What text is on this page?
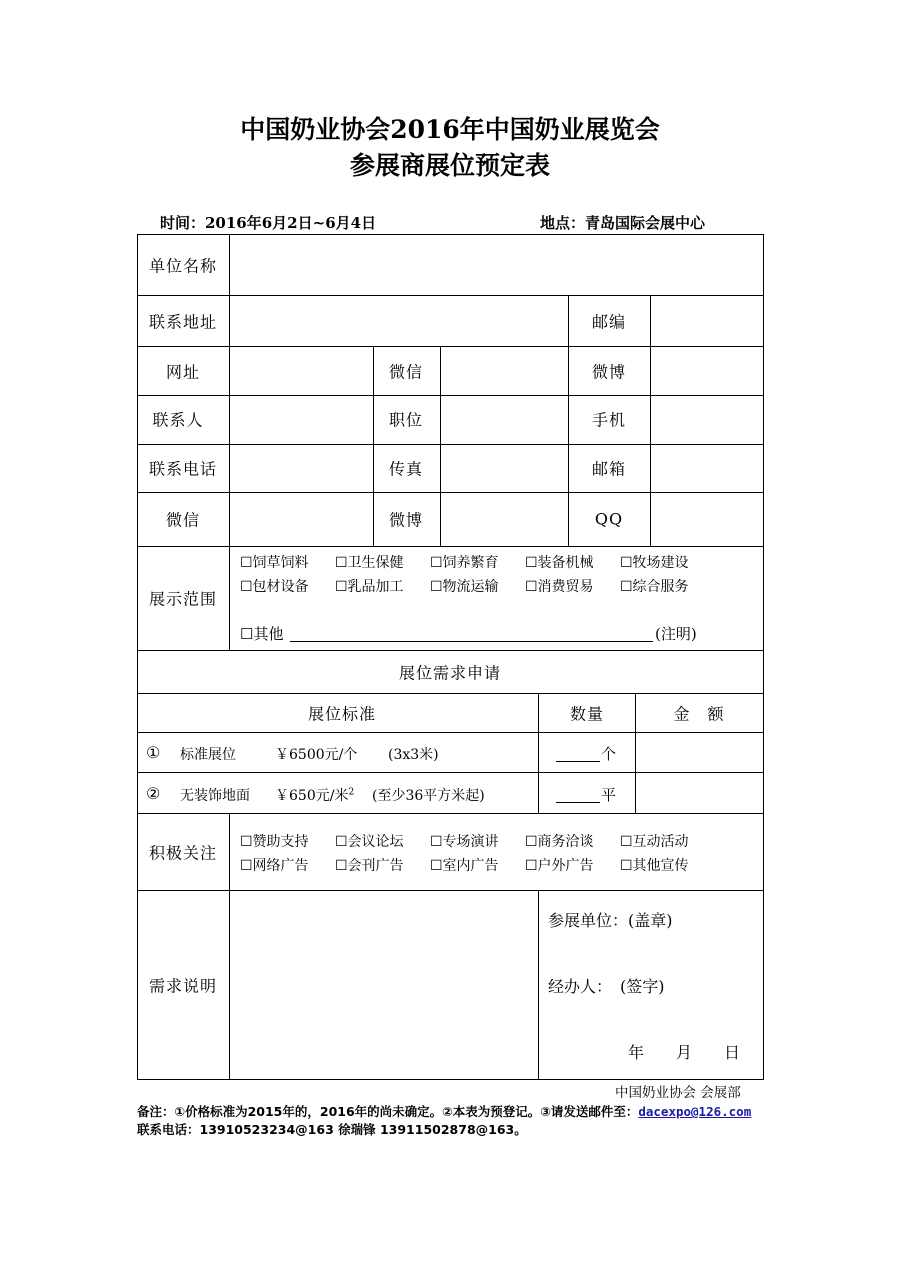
中国奶业协会2016年中国奶业展览会
参展商展位预定表
时间：2016年6月2日~6月4日	地点：青岛国际会展中心
单位名称
联系地址	邮编
网址	微信	微博
联系人	职位	手机
联系电话	传真	邮箱
微信	微博	QQ
展示范围
☐饲草饲料 ☐卫生保健 ☐饲养繁育 ☐装备机械 ☐牧场建设
☐包材设备 ☐乳品加工 ☐物流运输 ☐消费贸易 ☐综合服务
☐其他	(注明)
展位需求申请
展位标准	数量	金　额
① 标准展位	￥6500元/个 (3x3米)	个
② 无装饰地面 ￥650元/米$^2$ (至少36平方米起)	平
积极关注
☐赞助支持 ☐会议论坛 ☐专场演讲 ☐商务洽谈 ☐互动活动
☐网络广告 ☐会刊广告 ☐室内广告 ☐户外广告 ☐其他宣传
需求说明
参展单位：(盖章)
经办人：　(签字)
年　　月　　日
中国奶业协会 会展部
备注：①价格标准为2015年的，2016年的尚未确定。②本表为预登记。③请发送邮件至：dacexpo@126.com
联系电话：13910523234@163 徐瑞锋 13911502878@163。
